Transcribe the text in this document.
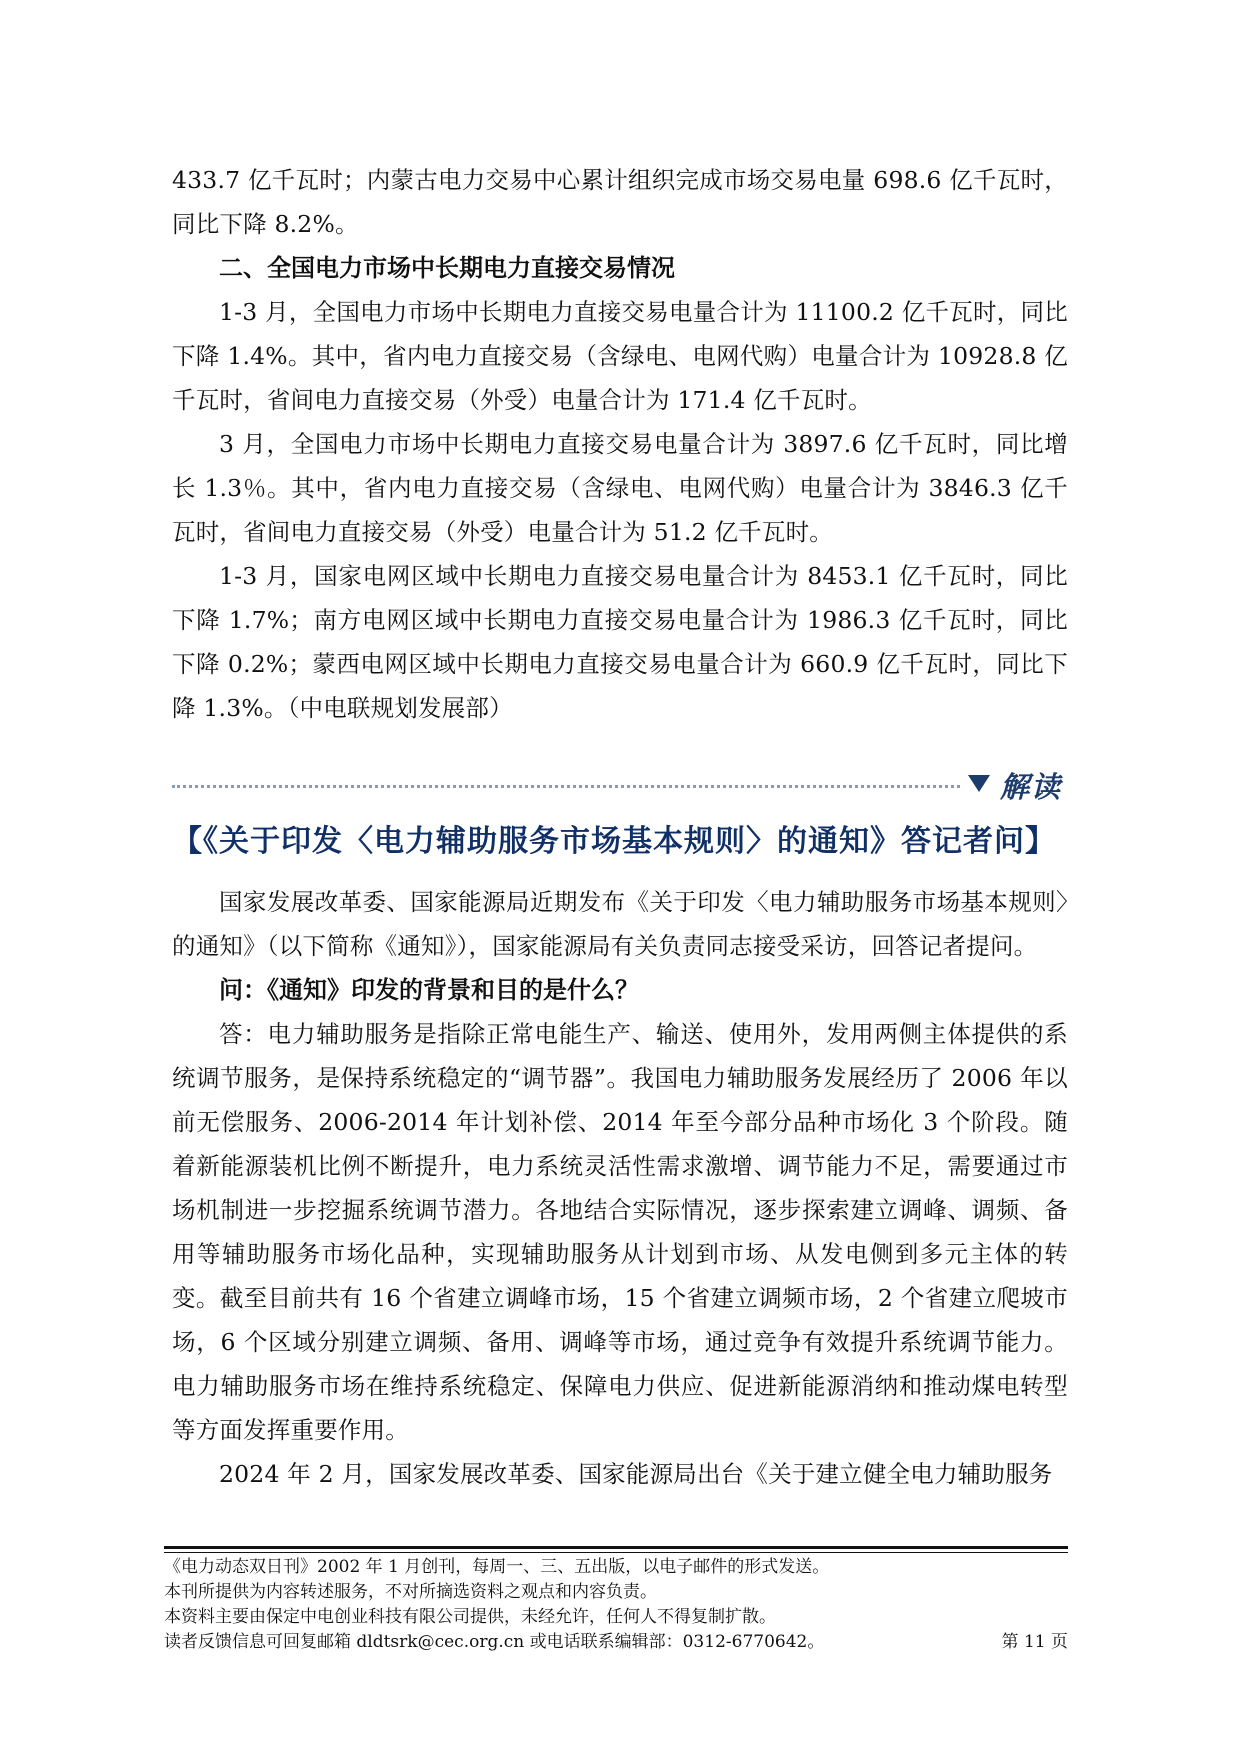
433.7 亿千瓦时；内蒙古电力交易中心累计组织完成市场交易电量 698.6 亿千瓦时，同比下降 8.2%。

二、全国电力市场中长期电力直接交易情况

1-3 月，全国电力市场中长期电力直接交易电量合计为 11100.2 亿千瓦时，同比下降 1.4%。其中，省内电力直接交易（含绿电、电网代购）电量合计为 10928.8 亿千瓦时，省间电力直接交易（外受）电量合计为 171.4 亿千瓦时。

3 月，全国电力市场中长期电力直接交易电量合计为 3897.6 亿千瓦时，同比增长 1.3％。其中，省内电力直接交易（含绿电、电网代购）电量合计为 3846.3 亿千瓦时，省间电力直接交易（外受）电量合计为 51.2 亿千瓦时。

1-3 月，国家电网区域中长期电力直接交易电量合计为 8453.1 亿千瓦时，同比下降 1.7%；南方电网区域中长期电力直接交易电量合计为 1986.3 亿千瓦时，同比下降 0.2%；蒙西电网区域中长期电力直接交易电量合计为 660.9 亿千瓦时，同比下降 1.3%。（中电联规划发展部）

解读
【《关于印发〈电力辅助服务市场基本规则〉的通知》答记者问】

国家发展改革委、国家能源局近期发布《关于印发〈电力辅助服务市场基本规则〉的通知》（以下简称《通知》），国家能源局有关负责同志接受采访，回答记者提问。

问：《通知》印发的背景和目的是什么？

答：电力辅助服务是指除正常电能生产、输送、使用外，发用两侧主体提供的系统调节服务，是保持系统稳定的“调节器”。我国电力辅助服务发展经历了 2006 年以前无偿服务、2006-2014 年计划补偿、2014 年至今部分品种市场化 3 个阶段。随着新能源装机比例不断提升，电力系统灵活性需求激增、调节能力不足，需要通过市场机制进一步挖掘系统调节潜力。各地结合实际情况，逐步探索建立调峰、调频、备用等辅助服务市场化品种，实现辅助服务从计划到市场、从发电侧到多元主体的转变。截至目前共有 16 个省建立调峰市场，15 个省建立调频市场，2 个省建立爬坡市场，6 个区域分别建立调频、备用、调峰等市场，通过竞争有效提升系统调节能力。电力辅助服务市场在维持系统稳定、保障电力供应、促进新能源消纳和推动煤电转型等方面发挥重要作用。

2024 年 2 月，国家发展改革委、国家能源局出台《关于建立健全电力辅助服务

《电力动态双日刊》2002 年 1 月创刊，每周一、三、五出版，以电子邮件的形式发送。

本刊所提供为内容转述服务，不对所摘选资料之观点和内容负责。

本资料主要由保定中电创业科技有限公司提供，未经允许，任何人不得复制扩散。

读者反馈信息可回复邮箱 dldtsrk@cec.org.cn 或电话联系编辑部：0312-6770642。	第 11 页
